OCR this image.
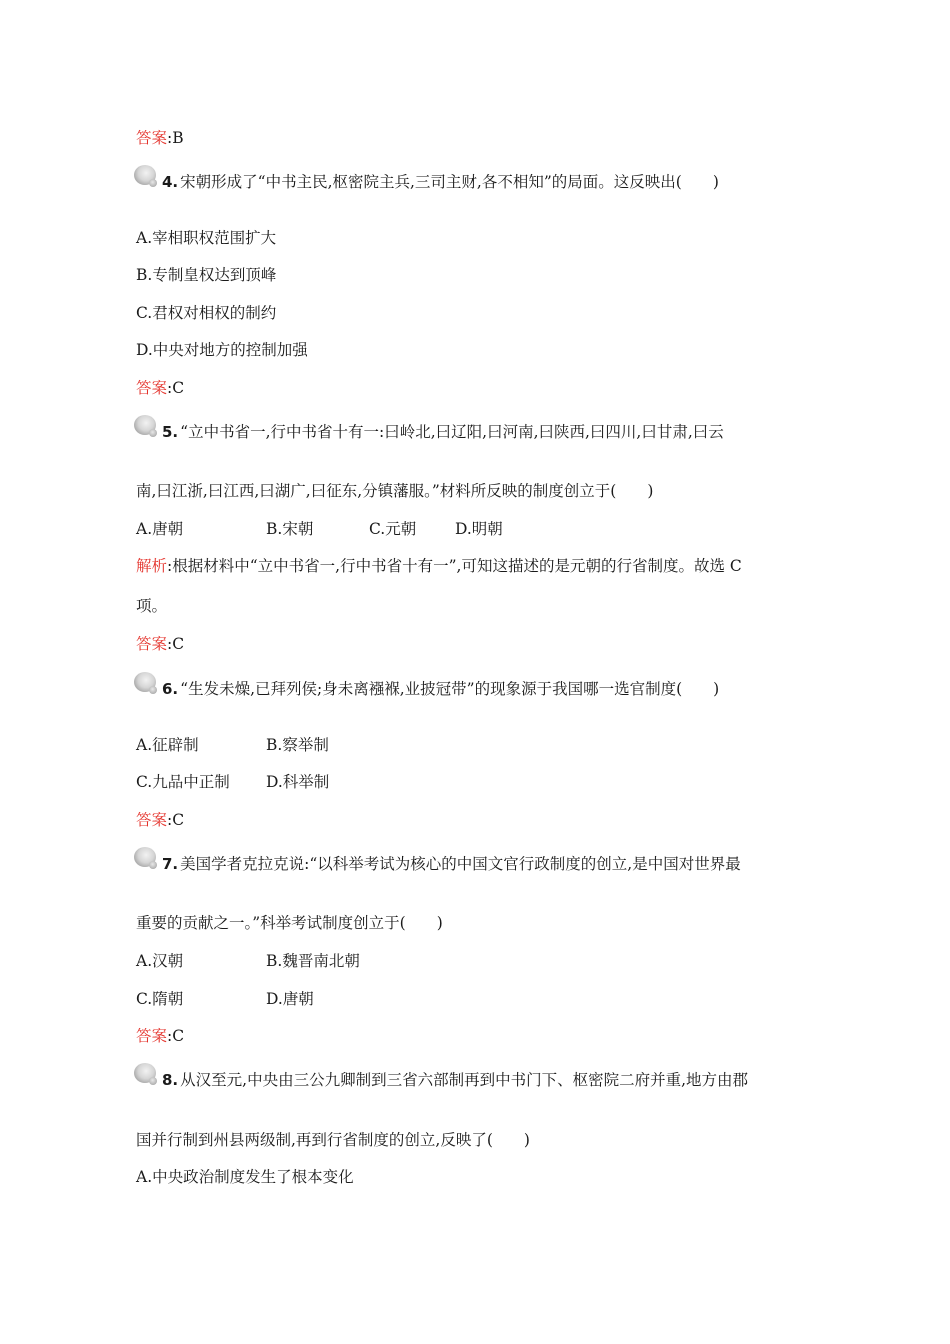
答案:B
4. 宋朝形成了“中书主民,枢密院主兵,三司主财,各不相知”的局面。这反映出(　　)
A.宰相职权范围扩大
B.专制皇权达到顶峰
C.君权对相权的制约
D.中央对地方的控制加强
答案:C
5. “立中书省一,行中书省十有一:曰岭北,曰辽阳,曰河南,曰陕西,曰四川,曰甘肃,曰云
南,曰江浙,曰江西,曰湖广,曰征东,分镇藩服。”材料所反映的制度创立于(　　)
A.唐朝	B.宋朝	C.元朝	D.明朝
解析:根据材料中“立中书省一,行中书省十有一”,可知这描述的是元朝的行省制度。故选 C
项。
答案:C
6. “生发未燥,已拜列侯;身未离襁褓,业披冠带”的现象源于我国哪一选官制度(　　)
A.征辟制	B.察举制
C.九品中正制 D.科举制
答案:C
7. 美国学者克拉克说:“以科举考试为核心的中国文官行政制度的创立,是中国对世界最
重要的贡献之一。”科举考试制度创立于(　　)
A.汉朝	B.魏晋南北朝
C.隋朝	D.唐朝
答案:C
8. 从汉至元,中央由三公九卿制到三省六部制再到中书门下、枢密院二府并重,地方由郡
国并行制到州县两级制,再到行省制度的创立,反映了(　　)
A.中央政治制度发生了根本变化
